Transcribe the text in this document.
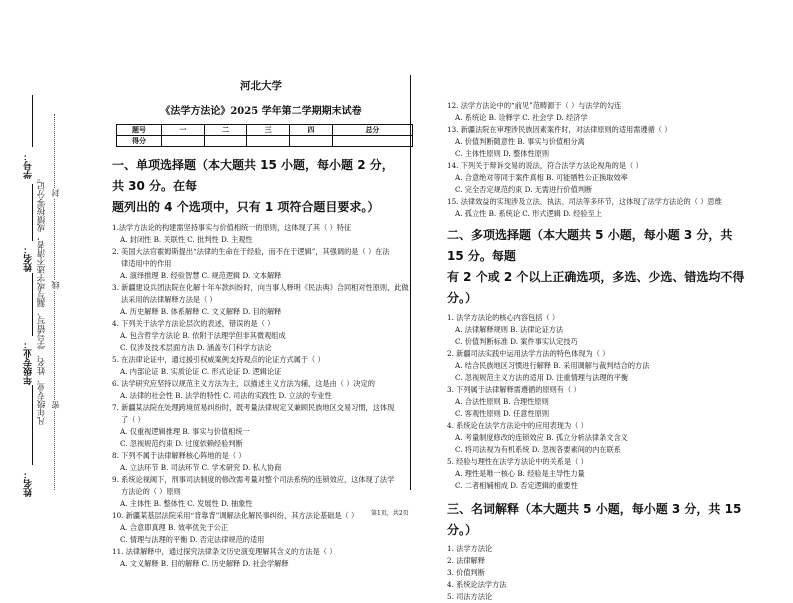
学号：
姓名：
年级专业：
姓名：
凡年级专业、姓名、学号错写、漏写或字迹不清者，成绩按零分记。 封
线
密
河北大学
《法学方法论》2025 学年第二学期期末试卷
题号	一	二	三	四	总分
得分					
一、单项选择题（本大题共 15 小题，每小题 2 分，共 30 分。在每
题列出的 4 个选项中，只有 1 项符合题目要求。）
1.法学方法论的构建需坚持事实与价值相统一的原则，这体现了其（ ）特征
A. 封闭性 B. 关联性 C. 批判性 D. 主观性
2. 美国大法官霍姆斯提出“法律的生命在于经验，而不在于逻辑”，其强调的是（ ）在法
律适用中的作用
A. 演绎推理 B. 经验智慧 C. 规范逻辑 D. 文本解释
3. 新疆建设兵团法院在化解十年车款纠纷时，向当事人释明《民法典》合同相对性原则，此做
法采用的法律解释方法是（ ）
A. 历史解释 B. 体系解释 C. 文义解释 D. 目的解释
4. 下列关于法学方法论层次的表述，错误的是（ ）
A. 包含哲学方法论 B. 依附于法理学但非其微观组成
C. 仅涉及技术层面方法 D. 涵盖专门科学方法论
5. 在法律论证中，通过援引权威案例支持观点的论证方式属于（ ）
A. 内部论证 B. 实质论证 C. 形式论证 D. 逻辑论证
6. 法学研究应坚持以规范主义方法为主，以描述主义方法为辅，这是由（ ）决定的
A. 法律的社会性 B. 法学的特性 C. 司法的实践性 D. 立法的专业性
7. 新疆某法院在处理跨境贸易纠纷时，既考量法律规定又兼顾民族地区交易习惯，这体现
了（ ）
A. 仅重视逻辑推理 B. 事实与价值相统一
C. 忽视规范约束 D. 过度依赖经验判断
8. 下列不属于法律解释核心阵地的是（ ）
A. 立法环节 B. 司法环节 C. 学术研究 D. 私人协商
9. 系统论视阈下，刑事司法制度的修改需考量对整个司法系统的连锁效应，这体现了法学
方法论的（ ）原则
A. 主体性 B. 整体性 C. 发展性 D. 抽象性
10. 新疆某基层法院采用“背靠背”调解法化解民事纠纷，其方法论基础是（ ）
A. 合意即真理 B. 效率优先于公正
C. 情理与法理的平衡 D. 否定法律规范的适用
11. 法律解释中，通过探究法律条文历史演变理解其含义的方法是（ ）
A. 文义解释 B. 目的解释 C. 历史解释 D. 社会学解释
12. 法学方法论中的“前见”范畴源于（ ）与法学的勾连
A. 系统论 B. 诠释学 C. 社会学 D. 经济学
13. 新疆法院在审理涉民族因素案件时，对法律原则的适用需遵循（ ）
A. 价值判断随意性 B. 事实与价值相分离
C. 主体性原则 D. 整体性原则
14. 下列关于辩诉交易的说法，符合法学方法论视角的是（ ）
A. 合意绝对等同于案件真相 B. 可能牺牲公正换取效率
C. 完全否定规范约束 D. 无需进行价值判断
15. 法律效益的实现涉及立法、执法、司法等多环节，这体现了法学方法论的（ ）思维
A. 孤立性 B. 系统论 C. 形式逻辑 D. 经验至上
二、多项选择题（本大题共 5 小题，每小题 3 分，共 15 分。每题
有 2 个或 2 个以上正确选项，多选、少选、错选均不得分。）
1. 法学方法论的核心内容包括（ ）
A. 法律解释规则 B. 法律论证方法
C. 价值判断标准 D. 案件事实认定技巧
2. 新疆司法实践中运用法学方法的特色体现为（ ）
A. 结合民族地区习惯进行解释 B. 采用调解与裁判结合的方法
C. 忽视规范主义方法的适用 D. 注重情理与法理的平衡
3. 下列属于法律解释需遵循的原则有（ ）
A. 合法性原则 B. 合理性原则
C. 客观性原则 D. 任意性原则
4. 系统论在法学方法论中的应用表现为（ ）
A. 考量制度修改的连锁效应 B. 孤立分析法律条文含义
C. 将司法视为有机系统 D. 忽视各要素间的内在联系
5. 经验与理性在法学方法论中的关系是（ ）
A. 理性是唯一核心 B. 经验是主导性力量
C. 二者相辅相成 D. 否定逻辑的重要性
三、名词解释（本大题共 5 小题，每小题 3 分，共 15 分。）
1. 法学方法论
2. 法律解释
3. 价值判断
4. 系统论法学方法
5. 司法方法论
第1页，共2页
